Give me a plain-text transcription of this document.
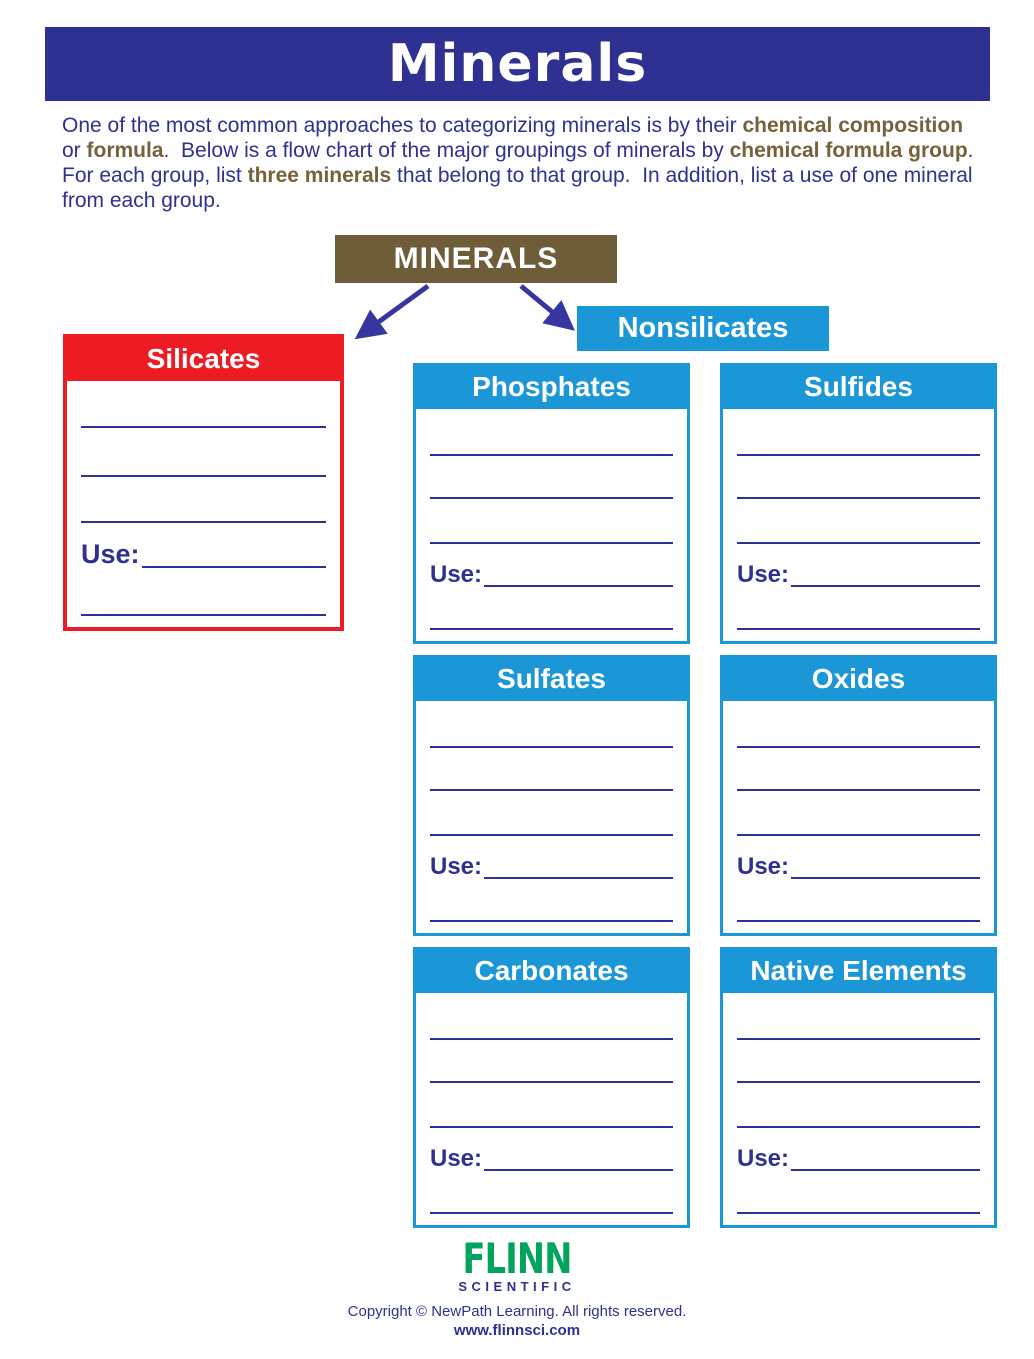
Minerals

One of the most common approaches to categorizing minerals is by their chemical composition or formula.  Below is a flow chart of the major groupings of minerals by chemical formula group.  For each group, list three minerals that belong to that group.  In addition, list a use of one mineral from each group.

MINERALS
Silicates
Use:
Nonsilicates
Phosphates
Use:
Sulfides
Use:
Sulfates
Use:
Oxides
Use:
Carbonates
Use:
Native Elements
Use:
FLINN
SCIENTIFIC
Copyright © NewPath Learning. All rights reserved.
www.flinnsci.com
